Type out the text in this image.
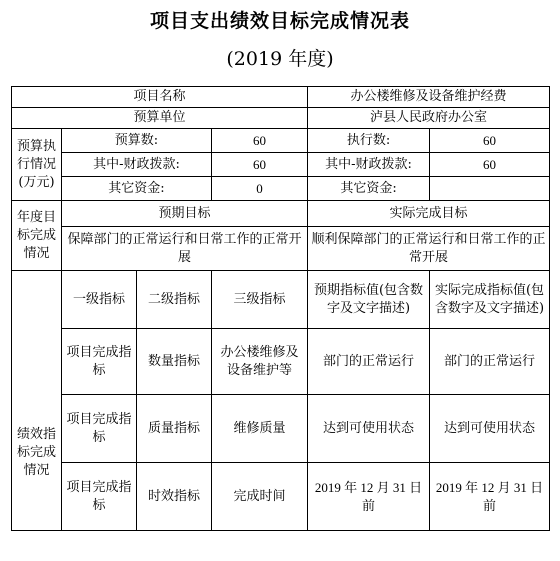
项目支出绩效目标完成情况表
(2019 年度)
项目名称				办公楼维修及设备维护经费	
预算单位				泸县人民政府办公室	
预算执行情况(万元)	预算数:		60	执行数:	60
	其中-财政拨款:		60	其中-财政拨款:	60
	其它资金:		0	其它资金:	
年度目标完成情况	预期目标			实际完成目标	
	保障部门的正常运行和日常工作的正常开展			顺利保障部门的正常运行和日常工作的正常开展	
绩效指标完成情况	一级指标	二级指标	三级指标	预期指标值(包含数字及文字描述)	实际完成指标值(包含数字及文字描述)
	项目完成指标	数量指标	办公楼维修及设备维护等	部门的正常运行	部门的正常运行
	项目完成指标	质量指标	维修质量	达到可使用状态	达到可使用状态
	项目完成指标	时效指标	完成时间	2019 年 12 月 31 日前	2019 年 12 月 31 日前
